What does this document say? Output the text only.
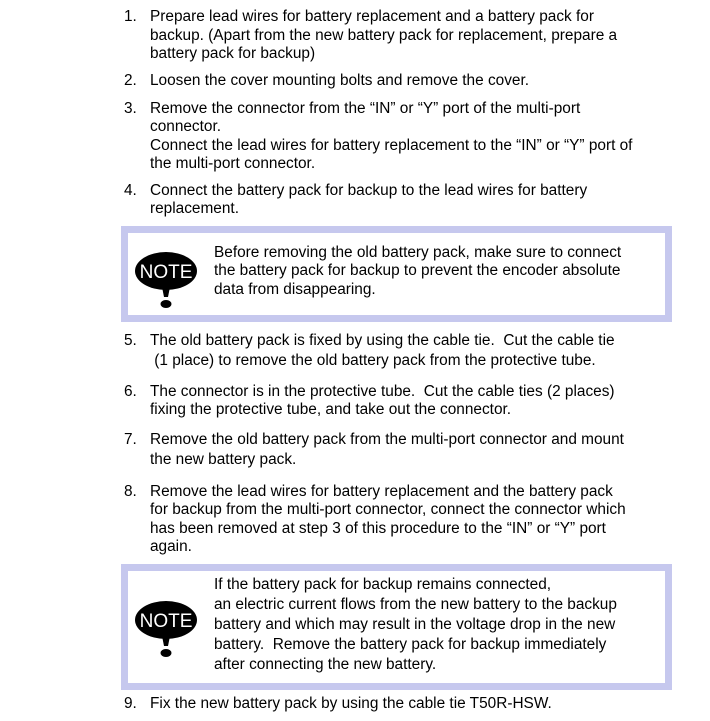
1. Prepare lead wires for battery replacement and a battery pack for
backup. (Apart from the new battery pack for replacement, prepare a
battery pack for backup)
2. Loosen the cover mounting bolts and remove the cover.
3. Remove the connector from the “IN” or “Y” port of the multi-port
connector.
Connect the lead wires for battery replacement to the “IN” or “Y” port of
the multi-port connector.
4. Connect the battery pack for backup to the lead wires for battery
replacement.
NOTE
Before removing the old battery pack, make sure to connect
the battery pack for backup to prevent the encoder absolute
data from disappearing.
5. The old battery pack is fixed by using the cable tie.  Cut the cable tie
(1 place) to remove the old battery pack from the protective tube.
6. The connector is in the protective tube.  Cut the cable ties (2 places)
fixing the protective tube, and take out the connector.
7. Remove the old battery pack from the multi-port connector and mount
the new battery pack.
8. Remove the lead wires for battery replacement and the battery pack
for backup from the multi-port connector, connect the connector which
has been removed at step 3 of this procedure to the “IN” or “Y” port
again.
NOTE
If the battery pack for backup remains connected,
an electric current flows from the new battery to the backup
battery and which may result in the voltage drop in the new
battery.  Remove the battery pack for backup immediately
after connecting the new battery.
9. Fix the new battery pack by using the cable tie T50R-HSW.
